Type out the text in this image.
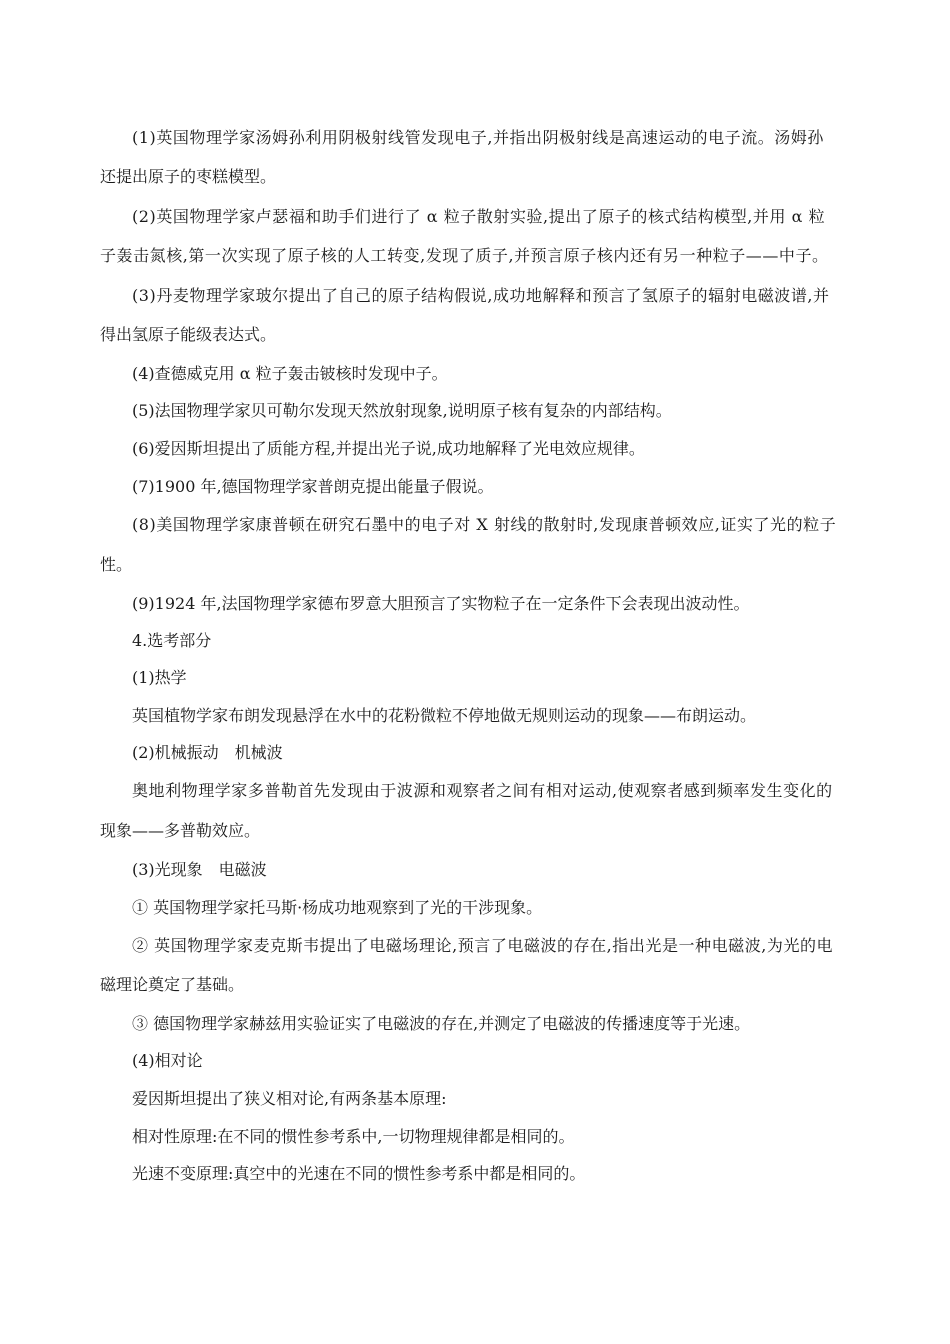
(1)英国物理学家汤姆孙利用阴极射线管发现电子,并指出阴极射线是高速运动的电子流。汤姆孙
还提出原子的枣糕模型。
(2)英国物理学家卢瑟福和助手们进行了 α 粒子散射实验,提出了原子的核式结构模型,并用 α 粒
子轰击氮核,第一次实现了原子核的人工转变,发现了质子,并预言原子核内还有另一种粒子——中子。
(3)丹麦物理学家玻尔提出了自己的原子结构假说,成功地解释和预言了氢原子的辐射电磁波谱,并
得出氢原子能级表达式。
(4)查德威克用 α 粒子轰击铍核时发现中子。
(5)法国物理学家贝可勒尔发现天然放射现象,说明原子核有复杂的内部结构。
(6)爱因斯坦提出了质能方程,并提出光子说,成功地解释了光电效应规律。
(7)1900 年,德国物理学家普朗克提出能量子假说。
(8)美国物理学家康普顿在研究石墨中的电子对 X 射线的散射时,发现康普顿效应,证实了光的粒子
性。
(9)1924 年,法国物理学家德布罗意大胆预言了实物粒子在一定条件下会表现出波动性。
4.选考部分
(1)热学
英国植物学家布朗发现悬浮在水中的花粉微粒不停地做无规则运动的现象——布朗运动。
(2)机械振动　机械波
奥地利物理学家多普勒首先发现由于波源和观察者之间有相对运动,使观察者感到频率发生变化的
现象——多普勒效应。
(3)光现象　电磁波
① 英国物理学家托马斯·杨成功地观察到了光的干涉现象。
② 英国物理学家麦克斯韦提出了电磁场理论,预言了电磁波的存在,指出光是一种电磁波,为光的电
磁理论奠定了基础。
③ 德国物理学家赫兹用实验证实了电磁波的存在,并测定了电磁波的传播速度等于光速。
(4)相对论
爱因斯坦提出了狭义相对论,有两条基本原理:
相对性原理:在不同的惯性参考系中,一切物理规律都是相同的。
光速不变原理:真空中的光速在不同的惯性参考系中都是相同的。
